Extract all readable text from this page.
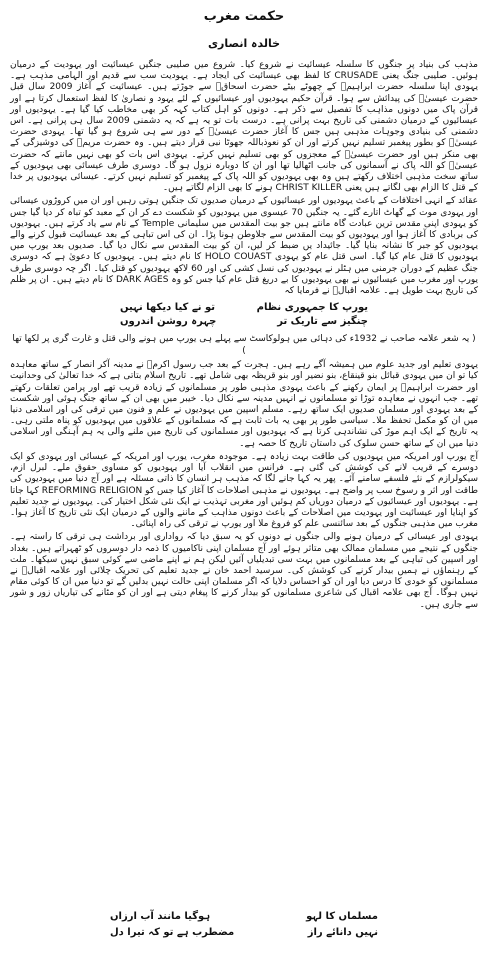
حکمت مغرب
خالدہ انصاری

مذہب کی بنیاد پر جنگوں کا سلسلہ عیسائیت نے شروع کیا۔ شروع میں صلیبی جنگیں عیسائیت اور یہودیت کے درمیان ہوئیں۔ صلیبی جنگ یعنی CRUSADE کا لفظ بھی عیسائیت کی ایجاد ہے۔ یہودیت سب سے قدیم اور الہامی مذہب ہے۔ یہودی اپنا سلسلہ حضرت ابراہیمؑ کے چھوٹے بیٹے حضرت اسحاقؑ سے جوڑتے ہیں۔ عیسائیت کے آغاز 2009 سال قبل حضرت عیسیٰؑ کی پیدائش سے ہوا۔ قرآن حکیم یہودیوں اور عیسائیوں کے لئے یہود و نصاریٰ کا لفظ استعمال کرتا ہے اور قرآن پاک میں دونوں مذاہب کا تفصیل سے ذکر ہے۔ دونوں کو اہل کتاب کہہ کر بھی مخاطب کیا گیا ہے۔ یہودیوں اور عیسائیوں کے درمیان دشمنی کی تاریخ بہت پرانی ہے۔ درست بات تو یہ ہے کہ یہ دشمنی 2009 سال ہی پرانی ہے۔ اس دشمنی کی بنیادی وجوہات مذہبی ہیں جس کا آغاز حضرت عیسیٰؑ کے دور سے ہی شروع ہو گیا تھا۔ یہودی حضرت عیسیٰؑ کو بطور پیغمبر تسلیم نہیں کرتے اور ان کو نعوذباللہ جھوٹا نبی قرار دیتے ہیں۔ وہ حضرت مریمؑ کی دوشیزگی کے بھی منکر ہیں اور حضرت عیسیٰؑ کے معجزوں کو بھی تسلیم نہیں کرتے۔ یہودی اس بات کو بھی نہیں مانتے کہ حضرت عیسیٰؑ کو اللہ پاک نے آسمانوں کی جانب اٹھالیا تھا اور ان کا دوبارہ نزول ہو گا۔ دوسری طرف عیسائی بھی یہودیوں کے ساتھ سخت مذہبی اختلاف رکھتے ہیں وہ بھی یہودیوں کو اللہ پاک کے پیغمبر کو تسلیم نہیں کرتے۔ عیسائی یہودیوں پر خدا کے قتل کا الزام بھی لگاتے ہیں یعنی CHRIST KILLER ہونے کا بھی الزام لگاتے ہیں۔

عقائد کے انہی اختلافات کے باعث یہودیوں اور عیسائیوں کے درمیان صدیوں تک جنگیں ہوتی رہیں اور ان میں کروڑوں عیسائی اور یہودی موت کے گھاٹ اتارے گئے۔ یہ جنگیں 70 عیسوی میں یہودیوں کو شکست دے کر ان کے معبد کو تباہ کر دیا گیا جس کو یہودی اپنی مقدس ترین عبادت گاہ مانتے ہیں جو بیت المقدس میں سلیمانی Temple کے نام سے یاد کرتے ہیں۔ یہودیوں کی بربادی کا آغاز ہوا اور یہودیوں کو بیت المقدس سے جلاوطن ہونا پڑا۔ ان کی اس تباہی کے بعد عیسائیت قبول کرنے والے یہودیوں کو جبر کا نشانہ بنایا گیا۔ جائیداد یں ضبط کر لیں، ان کو بیت المقدس سے نکال دیا گیا۔ صدیوں بعد یورپ میں یہودیوں کا قتل عام کیا گیا۔ اسی قتل عام کو یہودی HOLO COUAST کا نام دیتے ہیں۔ یہودیوں کا دعویٰ ہے کہ دوسری جنگ عظیم کے دوران جرمنی میں ہٹلر نے یہودیوں کی نسل کشی کی اور 60 لاکھ یہودیوں کو قتل کیا۔ اگر چہ دوسری طرف یورپ اور مغرب میں عیسائیوں نے بھی یہودیوں کا بے دریغ قتل عام کیا جس کو وہ DARK AGES کا نام دیتے ہیں۔ ان پر ظلم کی تاریخ بہت طویل ہے۔ علامہ اقبالؒ نے فرمایا کہ

یورپ کا جمہوری نظام
تو نے کیا دیکھا نہیں
چنگیز سے تاریک تر
چہرہ روشن اندروں
( یہ شعر علامہ صاحب نے 1932ء کی دہائی میں ہولوکاسٹ سے پہلے ہی یورپ میں ہونے والی قتل و غارت گری پر لکھا تھا )

یہودی تعلیم اور جدید علوم میں ہمیشہ آگے رہے ہیں۔ ہجرت کے بعد جب رسول اکرمؐ نے مدینہ آکر انصار کے ساتھ معاہدہ کیا تو ان میں یہودی قبائل بنو قینقاع، بنو نضیر اور بنو قریظہ بھی شامل تھے۔ تاریخ اسلام بتاتی ہے کہ خدا تعالیٰ کی وحدانیت اور حضرت ابراہیمؑ پر ایمان رکھنے کے باعث یہودی مذہبی طور پر مسلمانوں کے زیادہ قریب تھے اور پرامن تعلقات رکھتے تھے۔ جب انہوں نے معاہدہ توڑا تو مسلمانوں نے انہیں مدینہ سے نکال دیا۔ خیبر میں بھی ان کے ساتھ جنگ ہوئی اور شکست کے بعد یہودی اور مسلمان صدیوں ایک ساتھ رہے۔ مسلم اسپین میں یہودیوں نے علم و فنون میں ترقی کی اور اسلامی دنیا میں ان کو مکمل تحفظ ملا۔ سیاسی طور پر بھی یہ بات ثابت ہے کہ مسلمانوں کے علاقوں میں یہودیوں کو پناہ ملتی رہی۔ یہ تاریخ کے ایک اہم موڑ کی نشاندہی کرتا ہے کہ یہودیوں اور مسلمانوں کی تاریخ میں ملنے والی یہ ہم آہنگی اور اسلامی دنیا میں ان کے ساتھ حسن سلوک کی داستان تاریخ کا حصہ ہے۔

آج یورپ اور امریکہ میں یہودیوں کی طاقت بہت زیادہ ہے۔ موجودہ مغرب، یورپ اور امریکہ کے عیسائی اور یہودی کو ایک دوسرے کے قریب لانے کی کوشش کی گئی ہے۔ فرانس میں انقلاب آیا اور یہودیوں کو مساوی حقوق ملے۔ لبرل ازم، سیکولرازم کے نئے فلسفے سامنے آئے۔ پھر یہ کہا جانے لگا کہ مذہب ہر انسان کا ذاتی مسئلہ ہے اور آج دنیا میں یہودیوں کی طاقت اور اثر و رسوخ سب پر واضح ہے۔ یہودیوں نے مذہبی اصلاحات کا آغاز کیا جس کو REFORMING RELIGION کہا جاتا ہے۔ یہودیوں اور عیسائیوں کے درمیان دوریاں کم ہوئیں اور مغربی تہذیب نے ایک نئی شکل اختیار کی۔ یہودیوں نے جدید تعلیم کو اپنایا اور عیسائیت اور یہودیت میں اصلاحات کے باعث دونوں مذاہب کے ماننے والوں کے درمیان ایک نئی تاریخ کا آغاز ہوا۔ مغرب میں مذہبی جنگوں کے بعد سائنسی علم کو فروغ ملا اور یورپ نے ترقی کی راہ اپنائی۔

یہودی اور عیسائی کے درمیان ہونے والی جنگوں نے دونوں کو یہ سبق دیا کہ رواداری اور برداشت ہی ترقی کا راستہ ہے۔ جنگوں کے نتیجے میں مسلمان ممالک بھی متاثر ہوئے اور آج مسلمان اپنی ناکامیوں کا ذمہ دار دوسروں کو ٹھہراتے ہیں۔ بغداد اور اسپین کی تباہی کے بعد مسلمانوں میں بہت سی تبدیلیاں آئیں لیکن ہم نے اپنے ماضی سے کوئی سبق نہیں سیکھا۔ ملت کے رہنماؤں نے ہمیں بیدار کرنے کی کوشش کی۔ سرسید احمد خان نے جدید تعلیم کی تحریک چلائی اور علامہ اقبالؒ نے مسلمانوں کو خودی کا درس دیا اور ان کو احساس دلایا کہ اگر مسلمان اپنی حالت نہیں بدلیں گے تو دنیا میں ان کا کوئی مقام نہیں ہوگا۔ آج بھی علامہ اقبال کی شاعری مسلمانوں کو بیدار کرنے کا پیغام دیتی ہے اور ان کو مٹانے کی تیاریاں زور و شور سے جاری ہیں۔

مسلماں کا لہو
ہوگیا مانند آب ارزاں
نہیں دانائے راز
مضطرب ہے تو کہ تیرا دل
